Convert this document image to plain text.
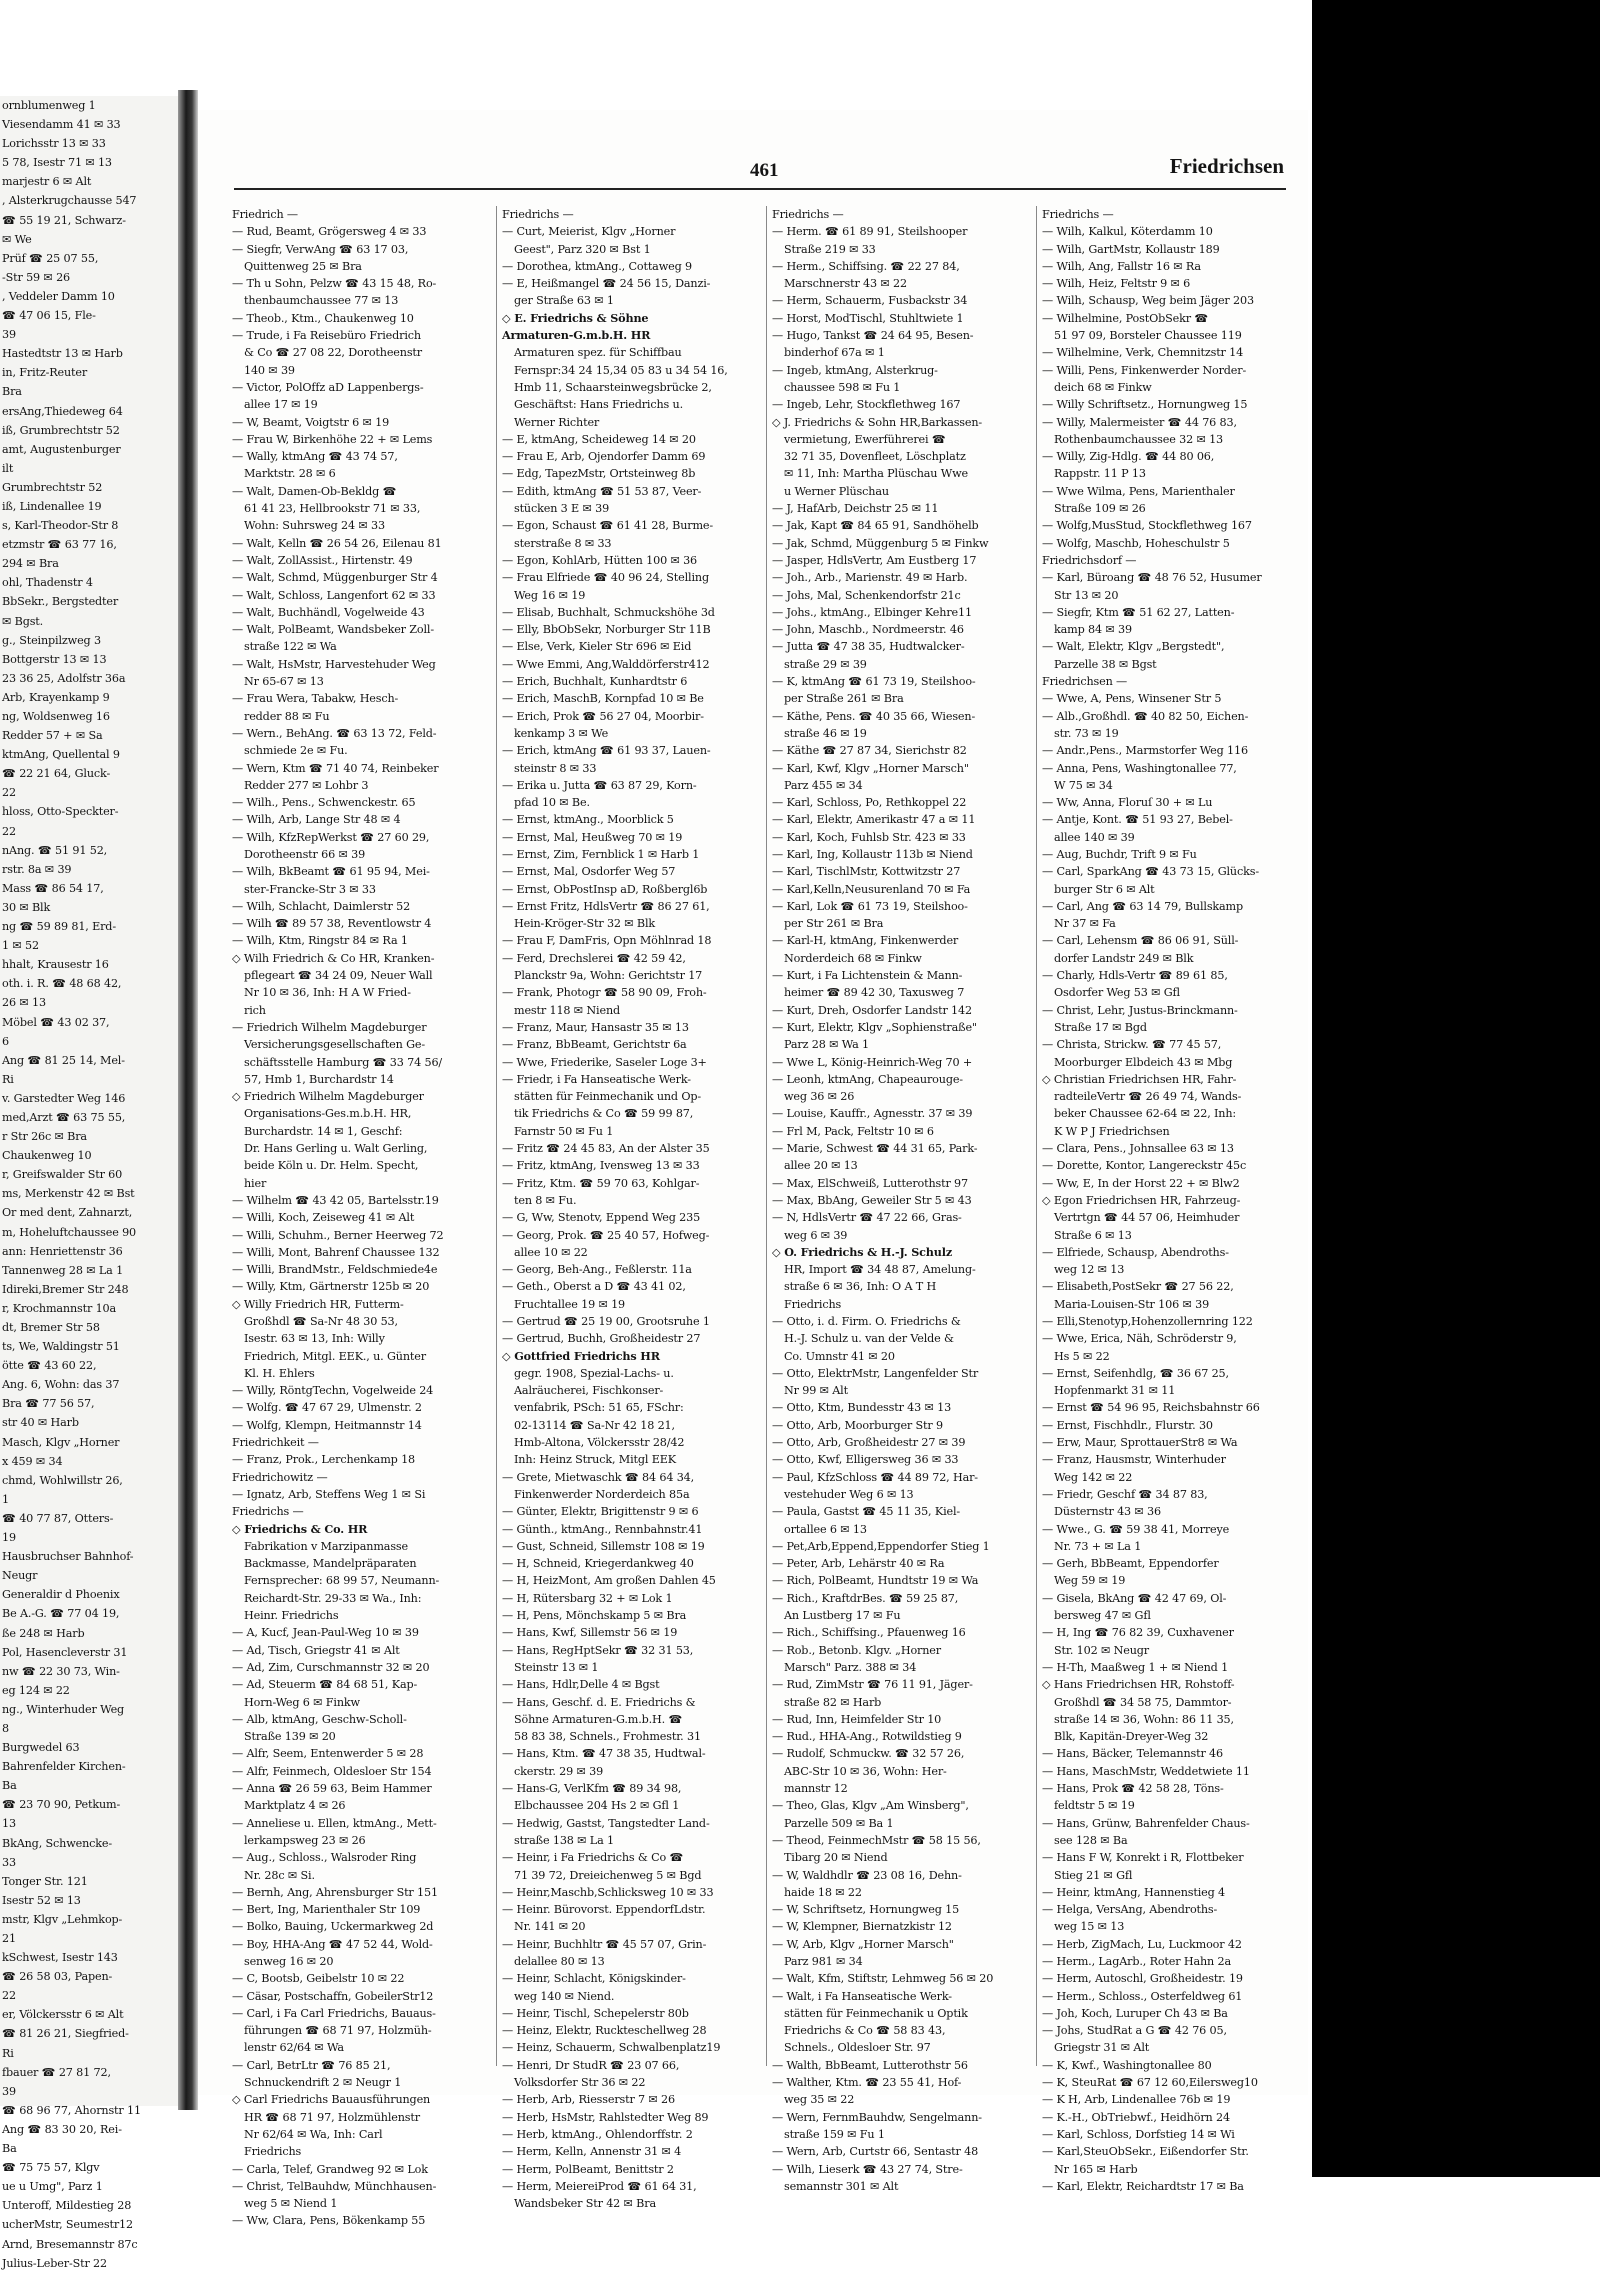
ornblumenweg 1
Viesendamm 41 ✉ 33
Lorichsstr 13 ✉ 33
5 78, Isestr 71 ✉ 13
marjestr 6 ✉ Alt
, Alsterkrugchausse 547
☎ 55 19 21, Schwarz-
✉ We
Prüf ☎ 25 07 55,
-Str 59 ✉ 26
, Veddeler Damm 10
☎ 47 06 15, Fle-
39
Hastedtstr 13 ✉ Harb
in, Fritz-Reuter
Bra
ersAng,Thiedeweg 64
iß, Grumbrechtstr 52
amt, Augustenburger
ilt
Grumbrechtstr 52
iß, Lindenallee 19
s, Karl-Theodor-Str 8
etzmstr ☎ 63 77 16,
294 ✉ Bra
ohl, Thadenstr 4
BbSekr., Bergstedter
✉ Bgst.
g., Steinpilzweg 3
Bottgerstr 13 ✉ 13
23 36 25, Adolfstr 36a
Arb, Krayenkamp 9
ng, Woldsenweg 16
Redder 57 + ✉ Sa
ktmAng, Quellental 9
☎ 22 21 64, Gluck-
22
hloss, Otto-Speckter-
22
nAng. ☎ 51 91 52,
rstr. 8a ✉ 39
Mass ☎ 86 54 17,
30 ✉ Blk
ng ☎ 59 89 81, Erd-
1 ✉ 52
hhalt, Krausestr 16
oth. i. R. ☎ 48 68 42,
26 ✉ 13
Möbel ☎ 43 02 37,
6
Ang ☎ 81 25 14, Mel-
Ri
v. Garstedter Weg 146
med,Arzt ☎ 63 75 55,
r Str 26c ✉ Bra
Chaukenweg 10
r, Greifswalder Str 60
ms, Merkenstr 42 ✉ Bst
Or med dent, Zahnarzt,
m, Hoheluftchaussee 90
ann: Henriettenstr 36
Tannenweg 28 ✉ La 1
Idireki,Bremer Str 248
r, Krochmannstr 10a
dt, Bremer Str 58
ts, We, Waldingstr 51
ötte ☎ 43 60 22,
Ang. 6, Wohn: das 37
Bra ☎ 77 56 57,
str 40 ✉ Harb
Masch, Klgv „Horner
x 459 ✉ 34
chmd, Wohlwillstr 26,
1
☎ 40 77 87, Otters-
19
Hausbruchser Bahnhof-
Neugr
Generaldir d Phoenix
Be A.-G. ☎ 77 04 19,
ße 248 ✉ Harb
Pol, Hasencleverstr 31
nw ☎ 22 30 73, Win-
eg 124 ✉ 22
ng., Winterhuder Weg
8
Burgwedel 63
Bahrenfelder Kirchen-
Ba
☎ 23 70 90, Petkum-
13
BkAng, Schwencke-
33
Tonger Str. 121
Isestr 52 ✉ 13
mstr, Klgv „Lehmkop-
21
kSchwest, Isestr 143
☎ 26 58 03, Papen-
22
er, Völckersstr 6 ✉ Alt
☎ 81 26 21, Siegfried-
Ri
fbauer ☎ 27 81 72,
39
☎ 68 96 77, Ahornstr 11
Ang ☎ 83 30 20, Rei-
Ba
☎ 75 75 57, Klgv
ue u Umg", Parz 1
Unteroff, Mildestieg 28
ucherMstr, Seumestr12
Arnd, Bresemannstr 87c
Julius-Leber-Str 22
461	Friedrichsen
Friedrich —
— Rud, Beamt, Grögersweg 4 ✉ 33
— Siegfr, VerwAng ☎ 63 17 03,
Quittenweg 25 ✉ Bra
— Th u Sohn, Pelzw ☎ 43 15 48, Ro-
thenbaumchaussee 77 ✉ 13
— Theob., Ktm., Chaukenweg 10
— Trude, i Fa Reisebüro Friedrich
& Co ☎ 27 08 22, Dorotheenstr
140 ✉ 39
— Victor, PolOffz aD Lappenbergs-
allee 17 ✉ 19
— W, Beamt, Voigtstr 6 ✉ 19
— Frau W, Birkenhöhe 22 + ✉ Lems
— Wally, ktmAng ☎ 43 74 57,
Marktstr. 28 ✉ 6
— Walt, Damen-Ob-Bekldg ☎
61 41 23, Hellbrookstr 71 ✉ 33,
Wohn: Suhrsweg 24 ✉ 33
— Walt, Kelln ☎ 26 54 26, Eilenau 81
— Walt, ZollAssist., Hirtenstr. 49
— Walt, Schmd, Müggenburger Str 4
— Walt, Schloss, Langenfort 62 ✉ 33
— Walt, Buchhändl, Vogelweide 43
— Walt, PolBeamt, Wandsbeker Zoll-
straße 122 ✉ Wa
— Walt, HsMstr, Harvestehuder Weg
Nr 65-67 ✉ 13
— Frau Wera, Tabakw, Hesch-
redder 88 ✉ Fu
— Wern., BehAng. ☎ 63 13 72, Feld-
schmiede 2e ✉ Fu.
— Wern, Ktm ☎ 71 40 74, Reinbeker
Redder 277 ✉ Lohbr 3
— Wilh., Pens., Schwenckestr. 65
— Wilh, Arb, Lange Str 48 ✉ 4
— Wilh, KfzRepWerkst ☎ 27 60 29,
Dorotheenstr 66 ✉ 39
— Wilh, BkBeamt ☎ 61 95 94, Mei-
ster-Francke-Str 3 ✉ 33
— Wilh, Schlacht, Daimlerstr 52
— Wilh ☎ 89 57 38, Reventlowstr 4
— Wilh, Ktm, Ringstr 84 ✉ Ra 1
◇ Wilh Friedrich & Co HR, Kranken-
pflegeart ☎ 34 24 09, Neuer Wall
Nr 10 ✉ 36, Inh: H A W Fried-
rich
— Friedrich Wilhelm Magdeburger
Versicherungsgesellschaften Ge-
schäftsstelle Hamburg ☎ 33 74 56/
57, Hmb 1, Burchardstr 14
◇ Friedrich Wilhelm Magdeburger
Organisations-Ges.m.b.H. HR,
Burchardstr. 14 ✉ 1, Geschf:
Dr. Hans Gerling u. Walt Gerling,
beide Köln u. Dr. Helm. Specht,
hier
— Wilhelm ☎ 43 42 05, Bartelsstr.19
— Willi, Koch, Zeiseweg 41 ✉ Alt
— Willi, Schuhm., Berner Heerweg 72
— Willi, Mont, Bahrenf Chaussee 132
— Willi, BrandMstr., Feldschmiede4e
— Willy, Ktm, Gärtnerstr 125b ✉ 20
◇ Willy Friedrich HR, Futterm-
Großhdl ☎ Sa-Nr 48 30 53,
Isestr. 63 ✉ 13, Inh: Willy
Friedrich, Mitgl. EEK., u. Günter
Kl. H. Ehlers
— Willy, RöntgTechn, Vogelweide 24
— Wolfg. ☎ 47 67 29, Ulmenstr. 2
— Wolfg, Klempn, Heitmannstr 14
Friedrichkeit —
— Franz, Prok., Lerchenkamp 18
Friedrichowitz —
— Ignatz, Arb, Steffens Weg 1 ✉ Si
Friedrichs —
◇ Friedrichs & Co. HR
Fabrikation v Marzipanmasse
Backmasse, Mandelpräparaten
Fernsprecher: 68 99 57, Neumann-
Reichardt-Str. 29-33 ✉ Wa., Inh:
Heinr. Friedrichs
— A, Kucf, Jean-Paul-Weg 10 ✉ 39
— Ad, Tisch, Griegstr 41 ✉ Alt
— Ad, Zim, Curschmannstr 32 ✉ 20
— Ad, Steuerm ☎ 84 68 51, Kap-
Horn-Weg 6 ✉ Finkw
— Alb, ktmAng, Geschw-Scholl-
Straße 139 ✉ 20
— Alfr, Seem, Entenwerder 5 ✉ 28
— Alfr, Feinmech, Oldesloer Str 154
— Anna ☎ 26 59 63, Beim Hammer
Marktplatz 4 ✉ 26
— Anneliese u. Ellen, ktmAng., Mett-
lerkampsweg 23 ✉ 26
— Aug., Schloss., Walsroder Ring
Nr. 28c ✉ Si.
— Bernh, Ang, Ahrensburger Str 151
— Bert, Ing, Marienthaler Str 109
— Bolko, Bauing, Uckermarkweg 2d
— Boy, HHA-Ang ☎ 47 52 44, Wold-
senweg 16 ✉ 20
— C, Bootsb, Geibelstr 10 ✉ 22
— Cäsar, Postschaffn, GobeilerStr12
— Carl, i Fa Carl Friedrichs, Bauaus-
führungen ☎ 68 71 97, Holzmüh-
lenstr 62/64 ✉ Wa
— Carl, BetrLtr ☎ 76 85 21,
Schnuckendrift 2 ✉ Neugr 1
◇ Carl Friedrichs Bauausführungen
HR ☎ 68 71 97, Holzmühlenstr
Nr 62/64 ✉ Wa, Inh: Carl
Friedrichs
— Carla, Telef, Grandweg 92 ✉ Lok
— Christ, TelBauhdw, Münchhausen-
weg 5 ✉ Niend 1
— Ww, Clara, Pens, Bökenkamp 55
Friedrichs —
— Curt, Meierist, Klgv „Horner
Geest", Parz 320 ✉ Bst 1
— Dorothea, ktmAng., Cottaweg 9
— E, Heißmangel ☎ 24 56 15, Danzi-
ger Straße 63 ✉ 1
◇ E. Friedrichs & Söhne
Armaturen-G.m.b.H. HR
Armaturen spez. für Schiffbau
Fernspr:34 24 15,34 05 83 u 34 54 16,
Hmb 11, Schaarsteinwegsbrücke 2,
Geschäftst: Hans Friedrichs u.
Werner Richter
— E, ktmAng, Scheideweg 14 ✉ 20
— Frau E, Arb, Ojendorfer Damm 69
— Edg, TapezMstr, Ortsteinweg 8b
— Edith, ktmAng ☎ 51 53 87, Veer-
stücken 3 E ✉ 39
— Egon, Schaust ☎ 61 41 28, Burme-
sterstraße 8 ✉ 33
— Egon, KohlArb, Hütten 100 ✉ 36
— Frau Elfriede ☎ 40 96 24, Stelling
Weg 16 ✉ 19
— Elisab, Buchhalt, Schmuckshöhe 3d
— Elly, BbObSekr, Norburger Str 11B
— Else, Verk, Kieler Str 696 ✉ Eid
— Wwe Emmi, Ang,Walddörferstr412
— Erich, Buchhalt, Kunhardtstr 6
— Erich, MaschB, Kornpfad 10 ✉ Be
— Erich, Prok ☎ 56 27 04, Moorbir-
kenkamp 3 ✉ We
— Erich, ktmAng ☎ 61 93 37, Lauen-
steinstr 8 ✉ 33
— Erika u. Jutta ☎ 63 87 29, Korn-
pfad 10 ✉ Be.
— Ernst, ktmAng., Moorblick 5
— Ernst, Mal, Heußweg 70 ✉ 19
— Ernst, Zim, Fernblick 1 ✉ Harb 1
— Ernst, Mal, Osdorfer Weg 57
— Ernst, ObPostInsp aD, Roßbergl6b
— Ernst Fritz, HdlsVertr ☎ 86 27 61,
Hein-Kröger-Str 32 ✉ Blk
— Frau F, DamFris, Opn Möhlnrad 18
— Ferd, Drechslerei ☎ 42 59 42,
Planckstr 9a, Wohn: Gerichtstr 17
— Frank, Photogr ☎ 58 90 09, Froh-
mestr 118 ✉ Niend
— Franz, Maur, Hansastr 35 ✉ 13
— Franz, BbBeamt, Gerichtstr 6a
— Wwe, Friederike, Saseler Loge 3+
— Friedr, i Fa Hanseatische Werk-
stätten für Feinmechanik und Op-
tik Friedrichs & Co ☎ 59 99 87,
Farnstr 50 ✉ Fu 1
— Fritz ☎ 24 45 83, An der Alster 35
— Fritz, ktmAng, Ivensweg 13 ✉ 33
— Fritz, Ktm. ☎ 59 70 63, Kohlgar-
ten 8 ✉ Fu.
— G, Ww, Stenotv, Eppend Weg 235
— Georg, Prok. ☎ 25 40 57, Hofweg-
allee 10 ✉ 22
— Georg, Beh-Ang., Feßlerstr. 11a
— Geth., Oberst a D ☎ 43 41 02,
Fruchtallee 19 ✉ 19
— Gertrud ☎ 25 19 00, Grootsruhe 1
— Gertrud, Buchh, Großheidestr 27
◇ Gottfried Friedrichs HR
gegr. 1908, Spezial-Lachs- u.
Aalräucherei, Fischkonser-
venfabrik, PSch: 51 65, FSchr:
02-13114 ☎ Sa-Nr 42 18 21,
Hmb-Altona, Völckersstr 28/42
Inh: Heinz Struck, Mitgl EEK
— Grete, Mietwaschk ☎ 84 64 34,
Finkenwerder Norderdeich 85a
— Günter, Elektr, Brigittenstr 9 ✉ 6
— Günth., ktmAng., Rennbahnstr.41
— Gust, Schneid, Sillemstr 108 ✉ 19
— H, Schneid, Kriegerdankweg 40
— H, HeizMont, Am großen Dahlen 45
— H, Rütersbarg 32 + ✉ Lok 1
— H, Pens, Mönchskamp 5 ✉ Bra
— Hans, Kwf, Sillemstr 56 ✉ 19
— Hans, RegHptSekr ☎ 32 31 53,
Steinstr 13 ✉ 1
— Hans, Hdlr,Delle 4 ✉ Bgst
— Hans, Geschf. d. E. Friedrichs &
Söhne Armaturen-G.m.b.H. ☎
58 83 38, Schnels., Frohmestr. 31
— Hans, Ktm. ☎ 47 38 35, Hudtwal-
ckerstr. 29 ✉ 39
— Hans-G, VerlKfm ☎ 89 34 98,
Elbchaussee 204 Hs 2 ✉ Gfl 1
— Hedwig, Gastst, Tangstedter Land-
straße 138 ✉ La 1
— Heinr, i Fa Friedrichs & Co ☎
71 39 72, Dreieichenweg 5 ✉ Bgd
— Heinr,Maschb,Schlicksweg 10 ✉ 33
— Heinr. Bürovorst. EppendorfLdstr.
Nr. 141 ✉ 20
— Heinr, Buchhltr ☎ 45 57 07, Grin-
delallee 80 ✉ 13
— Heinr, Schlacht, Königskinder-
weg 140 ✉ Niend.
— Heinr, Tischl, Schepelerstr 80b
— Heinz, Elektr, Ruckteschellweg 28
— Heinz, Schauerm, Schwalbenplatz19
— Henri, Dr StudR ☎ 23 07 66,
Volksdorfer Str 36 ✉ 22
— Herb, Arb, Riesserstr 7 ✉ 26
— Herb, HsMstr, Rahlstedter Weg 89
— Herb, ktmAng., Ohlendorffstr. 2
— Herm, Kelln, Annenstr 31 ✉ 4
— Herm, PolBeamt, Benittstr 2
— Herm, MeiereiProd ☎ 61 64 31,
Wandsbeker Str 42 ✉ Bra
Friedrichs —
— Herm. ☎ 61 89 91, Steilshooper
Straße 219 ✉ 33
— Herm., Schiffsing. ☎ 22 27 84,
Marschnerstr 43 ✉ 22
— Herm, Schauerm, Fusbackstr 34
— Horst, ModTischl, Stuhltwiete 1
— Hugo, Tankst ☎ 24 64 95, Besen-
binderhof 67a ✉ 1
— Ingeb, ktmAng, Alsterkrug-
chaussee 598 ✉ Fu 1
— Ingeb, Lehr, Stockflethweg 167
◇ J. Friedrichs & Sohn HR,Barkassen-
vermietung, Ewerführerei ☎
32 71 35, Dovenfleet, Löschplatz
✉ 11, Inh: Martha Plüschau Wwe
u Werner Plüschau
— J, HafArb, Deichstr 25 ✉ 11
— Jak, Kapt ☎ 84 65 91, Sandhöhelb
— Jak, Schmd, Müggenburg 5 ✉ Finkw
— Jasper, HdlsVertr, Am Eustberg 17
— Joh., Arb., Marienstr. 49 ✉ Harb.
— Johs, Mal, Schenkendorfstr 21c
— Johs., ktmAng., Elbinger Kehre11
— John, Maschb., Nordmeerstr. 46
— Jutta ☎ 47 38 35, Hudtwalcker-
straße 29 ✉ 39
— K, ktmAng ☎ 61 73 19, Steilshoo-
per Straße 261 ✉ Bra
— Käthe, Pens. ☎ 40 35 66, Wiesen-
straße 46 ✉ 19
— Käthe ☎ 27 87 34, Sierichstr 82
— Karl, Kwf, Klgv „Horner Marsch"
Parz 455 ✉ 34
— Karl, Schloss, Po, Rethkoppel 22
— Karl, Elektr, Amerikastr 47 a ✉ 11
— Karl, Koch, Fuhlsb Str. 423 ✉ 33
— Karl, Ing, Kollaustr 113b ✉ Niend
— Karl, TischlMstr, Kottwitzstr 27
— Karl,Kelln,Neusurenland 70 ✉ Fa
— Karl, Lok ☎ 61 73 19, Steilshoo-
per Str 261 ✉ Bra
— Karl-H, ktmAng, Finkenwerder
Norderdeich 68 ✉ Finkw
— Kurt, i Fa Lichtenstein & Mann-
heimer ☎ 89 42 30, Taxusweg 7
— Kurt, Dreh, Osdorfer Landstr 142
— Kurt, Elektr, Klgv „Sophienstraße"
Parz 28 ✉ Wa 1
— Wwe L, König-Heinrich-Weg 70 +
— Leonh, ktmAng, Chapeaurouge-
weg 36 ✉ 26
— Louise, Kauffr., Agnesstr. 37 ✉ 39
— Frl M, Pack, Feltstr 10 ✉ 6
— Marie, Schwest ☎ 44 31 65, Park-
allee 20 ✉ 13
— Max, ElSchweiß, Lutterothstr 97
— Max, BbAng, Geweiler Str 5 ✉ 43
— N, HdlsVertr ☎ 47 22 66, Gras-
weg 6 ✉ 39
◇ O. Friedrichs & H.-J. Schulz
HR, Import ☎ 34 48 87, Amelung-
straße 6 ✉ 36, Inh: O A T H
Friedrichs
— Otto, i. d. Firm. O. Friedrichs &
H.-J. Schulz u. van der Velde &
Co. Umnstr 41 ✉ 20
— Otto, ElektrMstr, Langenfelder Str
Nr 99 ✉ Alt
— Otto, Ktm, Bundesstr 43 ✉ 13
— Otto, Arb, Moorburger Str 9
— Otto, Arb, Großheidestr 27 ✉ 39
— Otto, Kwf, Elligersweg 36 ✉ 33
— Paul, KfzSchloss ☎ 44 89 72, Har-
vestehuder Weg 6 ✉ 13
— Paula, Gastst ☎ 45 11 35, Kiel-
ortallee 6 ✉ 13
— Pet,Arb,Eppend,Eppendorfer Stieg 1
— Peter, Arb, Lehärstr 40 ✉ Ra
— Rich, PolBeamt, Hundtstr 19 ✉ Wa
— Rich., KraftdrBes. ☎ 59 25 87,
An Lustberg 17 ✉ Fu
— Rich., Schiffsing., Pfauenweg 16
— Rob., Betonb. Klgv. „Horner
Marsch" Parz. 388 ✉ 34
— Rud, ZimMstr ☎ 76 11 91, Jäger-
straße 82 ✉ Harb
— Rud, Inn, Heimfelder Str 10
— Rud., HHA-Ang., Rotwildstieg 9
— Rudolf, Schmuckw. ☎ 32 57 26,
ABC-Str 10 ✉ 36, Wohn: Her-
mannstr 12
— Theo, Glas, Klgv „Am Winsberg",
Parzelle 509 ✉ Ba 1
— Theod, FeinmechMstr ☎ 58 15 56,
Tibarg 20 ✉ Niend
— W, Waldhdlr ☎ 23 08 16, Dehn-
haide 18 ✉ 22
— W, Schriftsetz, Hornungweg 15
— W, Klempner, Biernatzkistr 12
— W, Arb, Klgv „Horner Marsch"
Parz 981 ✉ 34
— Walt, Kfm, Stiftstr, Lehmweg 56 ✉ 20
— Walt, i Fa Hanseatische Werk-
stätten für Feinmechanik u Optik
Friedrichs & Co ☎ 58 83 43,
Schnels., Oldesloer Str. 97
— Walth, BbBeamt, Lutterothstr 56
— Walther, Ktm. ☎ 23 55 41, Hof-
weg 35 ✉ 22
— Wern, FernmBauhdw, Sengelmann-
straße 159 ✉ Fu 1
— Wern, Arb, Curtstr 66, Sentastr 48
— Wilh, Lieserk ☎ 43 27 74, Stre-
semannstr 301 ✉ Alt
Friedrichs —
— Wilh, Kalkul, Köterdamm 10
— Wilh, GartMstr, Kollaustr 189
— Wilh, Ang, Fallstr 16 ✉ Ra
— Wilh, Heiz, Feltstr 9 ✉ 6
— Wilh, Schausp, Weg beim Jäger 203
— Wilhelmine, PostObSekr ☎
51 97 09, Borsteler Chaussee 119
— Wilhelmine, Verk, Chemnitzstr 14
— Willi, Pens, Finkenwerder Norder-
deich 68 ✉ Finkw
— Willy Schriftsetz., Hornungweg 15
— Willy, Malermeister ☎ 44 76 83,
Rothenbaumchaussee 32 ✉ 13
— Willy, Zig-Hdlg. ☎ 44 80 06,
Rappstr. 11 P 13
— Wwe Wilma, Pens, Marienthaler
Straße 109 ✉ 26
— Wolfg,MusStud, Stockflethweg 167
— Wolfg, Maschb, Hoheschulstr 5
Friedrichsdorf —
— Karl, Büroang ☎ 48 76 52, Husumer
Str 13 ✉ 20
— Siegfr, Ktm ☎ 51 62 27, Latten-
kamp 84 ✉ 39
— Walt, Elektr, Klgv „Bergstedt",
Parzelle 38 ✉ Bgst
Friedrichsen —
— Wwe, A, Pens, Winsener Str 5
— Alb.,Großhdl. ☎ 40 82 50, Eichen-
str. 73 ✉ 19
— Andr.,Pens., Marmstorfer Weg 116
— Anna, Pens, Washingtonallee 77,
W 75 ✉ 34
— Ww, Anna, Floruſ 30 + ✉ Lu
— Antje, Kont. ☎ 51 93 27, Bebel-
allee 140 ✉ 39
— Aug, Buchdr, Trift 9 ✉ Fu
— Carl, SparkAng ☎ 43 73 15, Glücks-
burger Str 6 ✉ Alt
— Carl, Ang ☎ 63 14 79, Bullskamp
Nr 37 ✉ Fa
— Carl, Lehensm ☎ 86 06 91, Süll-
dorfer Landstr 249 ✉ Blk
— Charly, Hdls-Vertr ☎ 89 61 85,
Osdorfer Weg 53 ✉ Gfl
— Christ, Lehr, Justus-Brinckmann-
Straße 17 ✉ Bgd
— Christa, Strickw. ☎ 77 45 57,
Moorburger Elbdeich 43 ✉ Mbg
◇ Christian Friedrichsen HR, Fahr-
radteileVertr ☎ 26 49 74, Wands-
beker Chaussee 62-64 ✉ 22, Inh:
K W P J Friedrichsen
— Clara, Pens., Johnsallee 63 ✉ 13
— Dorette, Kontor, Langereckstr 45c
— Ww, E, In der Horst 22 + ✉ Blw2
◇ Egon Friedrichsen HR, Fahrzeug-
Vertrtgn ☎ 44 57 06, Heimhuder
Straße 6 ✉ 13
— Elfriede, Schausp, Abendroths-
weg 12 ✉ 13
— Elisabeth,PostSekr ☎ 27 56 22,
Maria-Louisen-Str 106 ✉ 39
— Elli,Stenotyp,Hohenzollernring 122
— Wwe, Erica, Näh, Schröderstr 9,
Hs 5 ✉ 22
— Ernst, Seifenhdlg, ☎ 36 67 25,
Hopfenmarkt 31 ✉ 11
— Ernst ☎ 54 96 95, Reichsbahnstr 66
— Ernst, Fischhdlr., Flurstr. 30
— Erw, Maur, SprottauerStr8 ✉ Wa
— Franz, Hausmstr, Winterhuder
Weg 142 ✉ 22
— Friedr, Geschf ☎ 34 87 83,
Düsternstr 43 ✉ 36
— Wwe., G. ☎ 59 38 41, Morreye
Nr. 73 + ✉ La 1
— Gerh, BbBeamt, Eppendorfer
Weg 59 ✉ 19
— Gisela, BkAng ☎ 42 47 69, Ol-
bersweg 47 ✉ Gfl
— H, Ing ☎ 76 82 39, Cuxhavener
Str. 102 ✉ Neugr
— H-Th, Maaßweg 1 + ✉ Niend 1
◇ Hans Friedrichsen HR, Rohstoff-
Großhdl ☎ 34 58 75, Dammtor-
straße 14 ✉ 36, Wohn: 86 11 35,
Blk, Kapitän-Dreyer-Weg 32
— Hans, Bäcker, Telemannstr 46
— Hans, MaschMstr, Weddetwiete 11
— Hans, Prok ☎ 42 58 28, Töns-
feldtstr 5 ✉ 19
— Hans, Grünw, Bahrenfelder Chaus-
see 128 ✉ Ba
— Hans F W, Konrekt i R, Flottbeker
Stieg 21 ✉ Gfl
— Heinr, ktmAng, Hannenstieg 4
— Helga, VersAng, Abendroths-
weg 15 ✉ 13
— Herb, ZigMach, Lu, Luckmoor 42
— Herm., LagArb., Roter Hahn 2a
— Herm, Autoschl, Großheidestr. 19
— Herm., Schloss., Osterfeldweg 61
— Joh, Koch, Luruper Ch 43 ✉ Ba
— Johs, StudRat a G ☎ 42 76 05,
Griegstr 31 ✉ Alt
— K, Kwf., Washingtonallee 80
— K, SteuRat ☎ 67 12 60,Eilersweg10
— K H, Arb, Lindenallee 76b ✉ 19
— K.-H., ObTriebwf., Heidhörn 24
— Karl, Schloss, Dorfstieg 14 ✉ Wi
— Karl,SteuObSekr., Eißendorfer Str.
Nr 165 ✉ Harb
— Karl, Elektr, Reichardtstr 17 ✉ Ba
